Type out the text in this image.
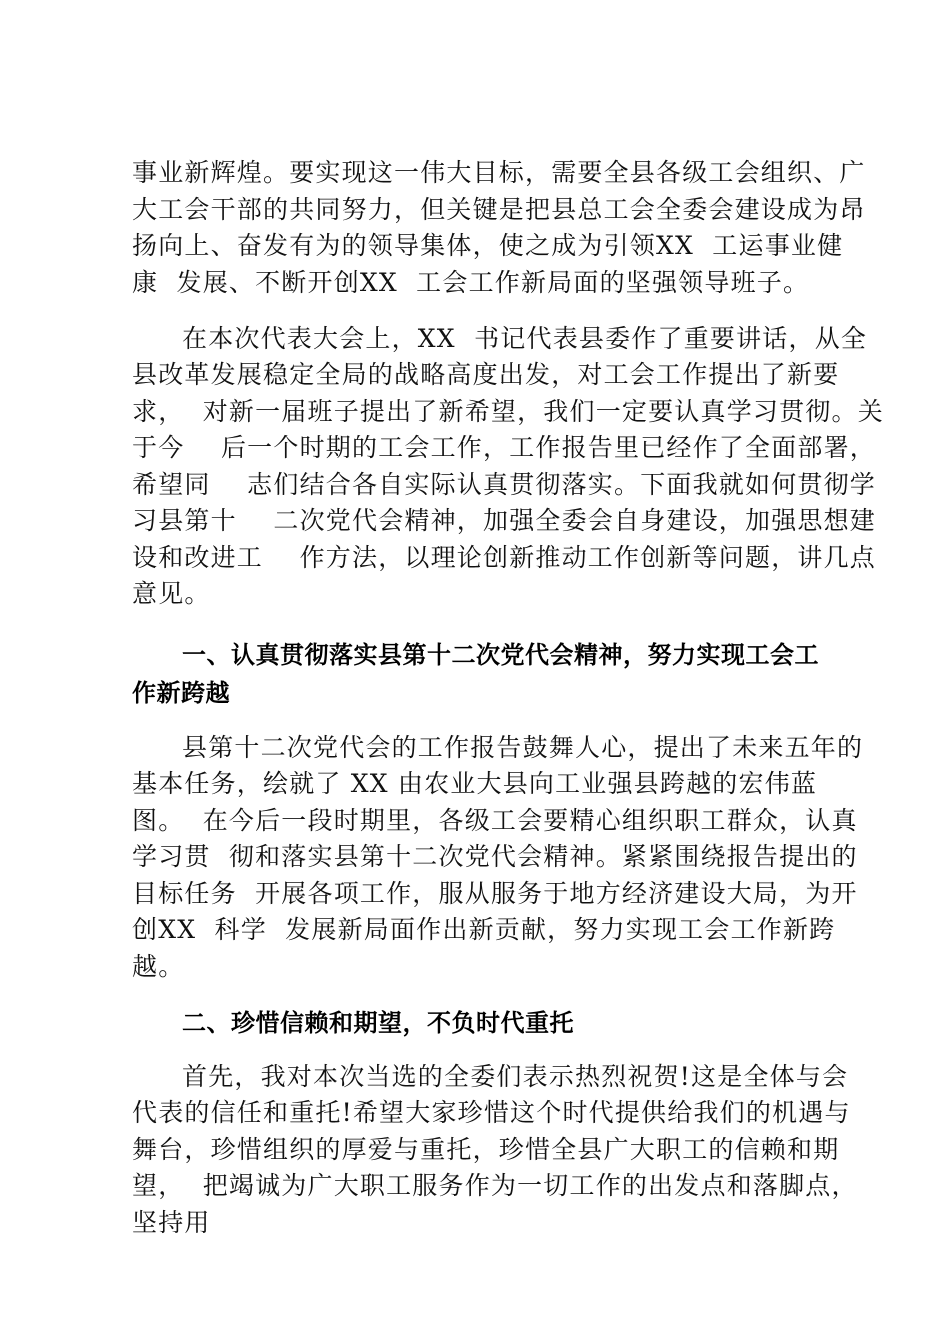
事业新辉煌。要实现这一伟大目标，需要全县各级工会组织、广

大工会干部的共同努力，但关键是把县总工会全委会建设成为昂

扬向上、奋发有为的领导集体，使之成为引领XX  工运事业健

康  发展、不断开创XX  工会工作新局面的坚强领导班子。

在本次代表大会上，XX  书记代表县委作了重要讲话，从全

县改革发展稳定全局的战略高度出发，对工会工作提出了新要

求，  对新一届班子提出了新希望，我们一定要认真学习贯彻。关

于今    后一个时期的工会工作，工作报告里已经作了全面部署，

希望同    志们结合各自实际认真贯彻落实。下面我就如何贯彻学

习县第十    二次党代会精神，加强全委会自身建设，加强思想建

设和改进工    作方法，以理论创新推动工作创新等问题，讲几点

意见。

一、认真贯彻落实县第十二次党代会精神，努力实现工会工

作新跨越

县第十二次党代会的工作报告鼓舞人心，提出了未来五年的

基本任务，绘就了 XX 由农业大县向工业强县跨越的宏伟蓝

图。  在今后一段时期里，各级工会要精心组织职工群众，认真

学习贯  彻和落实县第十二次党代会精神。紧紧围绕报告提出的

目标任务  开展各项工作，服从服务于地方经济建设大局，为开

创XX  科学  发展新局面作出新贡献，努力实现工会工作新跨

越。

二、珍惜信赖和期望，不负时代重托

首先，我对本次当选的全委们表示热烈祝贺!这是全体与会

代表的信任和重托!希望大家珍惜这个时代提供给我们的机遇与

舞台，珍惜组织的厚爱与重托，珍惜全县广大职工的信赖和期

望，  把竭诚为广大职工服务作为一切工作的出发点和落脚点，

坚持用
